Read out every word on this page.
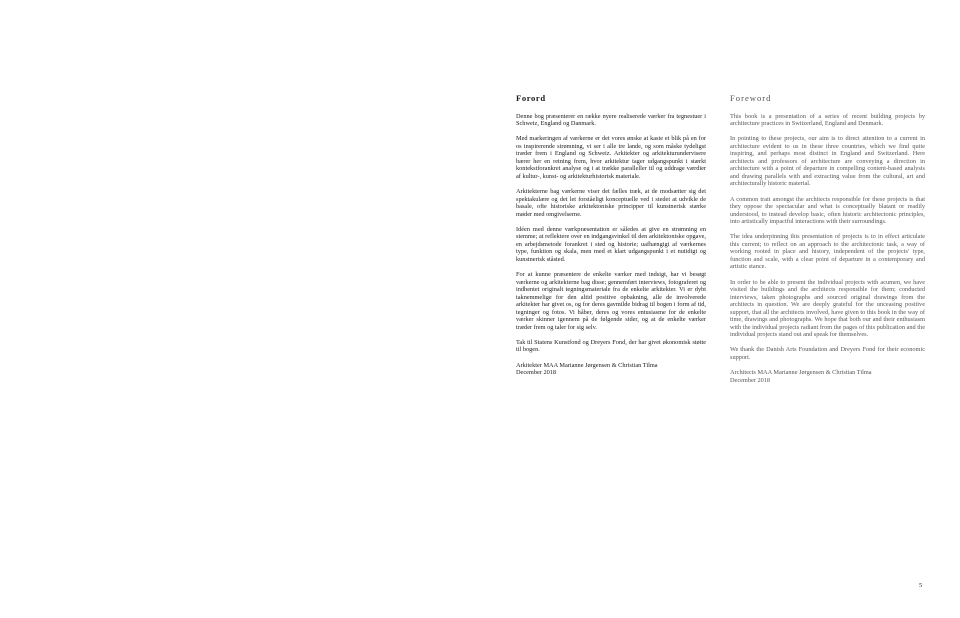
Forord

Denne bog præsenterer en række nyere realiserede værker fra tegnestuer i Schweiz, England og Danmark.

Med markeringen af værkerne er det vores ønske at kaste et blik på en for os inspirerende strømning, vi ser i alle tre lande, og som måske tydeligst træder frem i England og Schweiz. Arkitekter og arkitekturundervisere bærer her en retning frem, hvor arkitektur tager udgangspunkt i stærkt kontekstforankret analyse og i at trække paralleller til og uddrage værdier af kultur-, kunst- og arkitekturhistorisk materiale.

Arkitekterne bag værkerne viser det fælles træk, at de modsætter sig det spektakulære og det let forståeligt konceptuelle ved i stedet at udvikle de basale, ofte historiske arkitektoniske principper til kunstnerisk stærke møder med omgivelserne.

Idéen med denne værkpræsentation er således at give en strømning en stemme; at reflektere over en indgangsvinkel til den arkitektoniske opgave, en arbejdsmetode forankret i sted og historie; uafhængigt af værkernes type, funktion og skala, men med et klart udgangspunkt i et nutidigt og kunstnerisk ståsted.

For at kunne præsentere de enkelte værker med indsigt, har vi besøgt værkerne og arkitekterne bag disse; gennemført interviews, fotograferet og indhentet originalt tegningsmateriale fra de enkelte arkitekter. Vi er dybt taknemmelige for den altid positive opbakning, alle de involverede arkitekter har givet os, og for deres gavmilde bidrag til bogen i form af tid, tegninger og fotos. Vi håber, deres og vores entusiasme for de enkelte værker skinner igennem på de følgende sider, og at de enkelte værker træder frem og taler for sig selv.

Tak til Statens Kunstfond og Dreyers Fond, der har givet økonomisk støtte til bogen.

Arkitekter MAA Marianne Jørgensen & Christian Tilma

December 2018

Foreword

This book is a presentation of a series of recent building projects by architecture practices in Switzerland, England and Denmark.

In pointing to these projects, our aim is to direct attention to a current in architecture evident to us in these three countries, which we find quite inspiring, and perhaps most distinct in England and Switzerland. Here architects and professors of architecture are conveying a direction in architecture with a point of departure in compelling content-based analysis and drawing parallels with and extracting value from the cultural, art and architecturally historic material.

A common trait amongst the architects responsible for these projects is that they oppose the spectacular and what is conceptually blatant or readily understood, to instead develop basic, often historic architectonic principles, into artistically impactful interactions with their surroundings.

The idea underpinning this presentation of projects is to in effect articulate this current; to reflect on an approach to the architectonic task, a way of working rooted in place and history, independent of the projects' type, function and scale, with a clear point of departure in a contemporary and artistic stance.

In order to be able to present the individual projects with acumen, we have visited the buildings and the architects responsible for them; conducted interviews, taken photographs and sourced original drawings from the architects in question. We are deeply grateful for the unceasing positive support, that all the architects involved, have given to this book in the way of time, drawings and photographs. We hope that both our and their enthusiasm with the individual projects radiant from the pages of this publication and the individual projects stand out and speak for themselves.

We thank the Danish Arts Foundation and Dreyers Fond for their economic support.

Architects MAA Marianne Jørgensen & Christian Tilma

December 2018

5
